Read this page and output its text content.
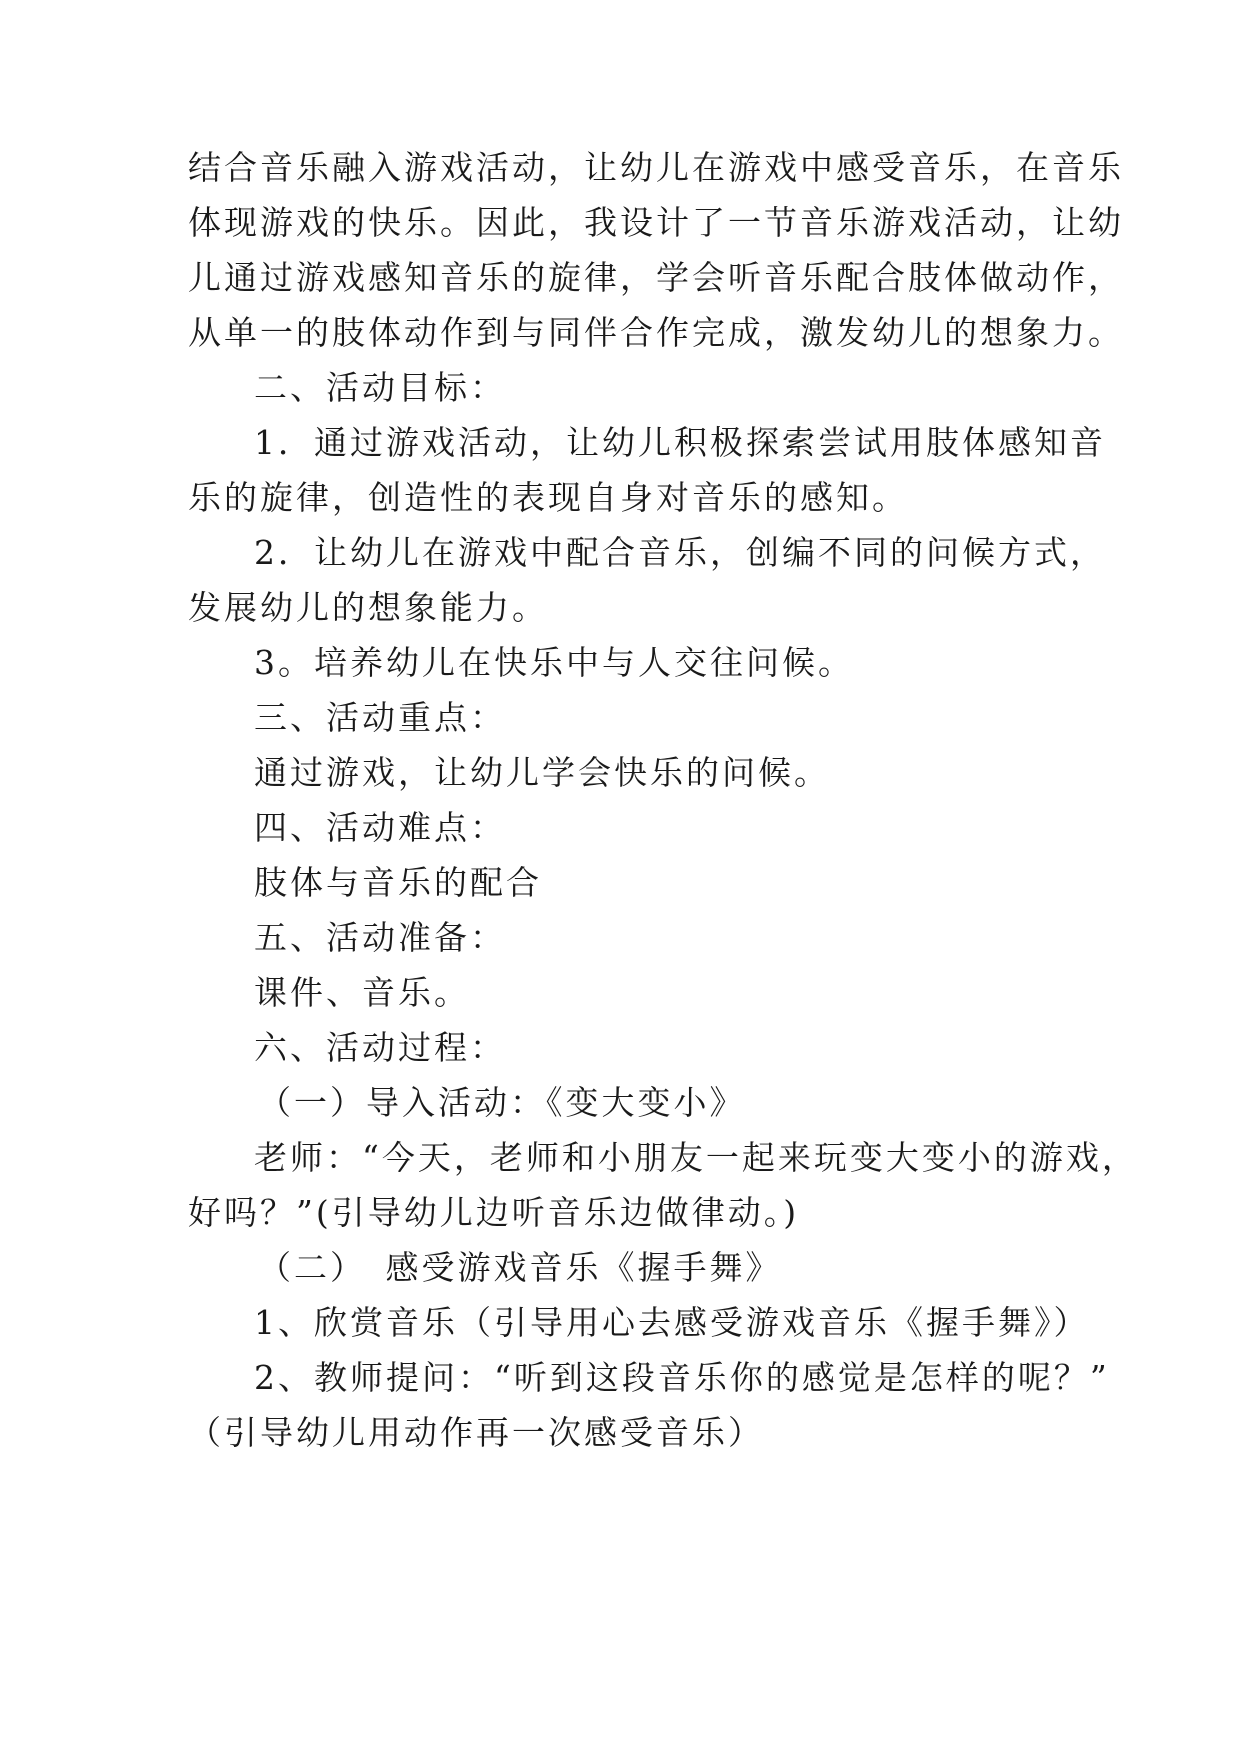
结合音乐融入游戏活动，让幼儿在游戏中感受音乐，在音乐
体现游戏的快乐。因此，我设计了一节音乐游戏活动，让幼
儿通过游戏感知音乐的旋律，学会听音乐配合肢体做动作，
从单一的肢体动作到与同伴合作完成，激发幼儿的想象力。
二、活动目标：
1．通过游戏活动，让幼儿积极探索尝试用肢体感知音
乐的旋律，创造性的表现自身对音乐的感知。
2．让幼儿在游戏中配合音乐，创编不同的问候方式，
发展幼儿的想象能力。
3。培养幼儿在快乐中与人交往问候。
三、活动重点：
通过游戏，让幼儿学会快乐的问候。
四、活动难点：
肢体与音乐的配合
五、活动准备：
课件、音乐。
六、活动过程：
（一）导入活动：《变大变小》
老师：“今天，老师和小朋友一起来玩变大变小的游戏，
好吗？”(引导幼儿边听音乐边做律动。)
（二）　感受游戏音乐《握手舞》
1、欣赏音乐（引导用心去感受游戏音乐《握手舞》）
2、教师提问：“听到这段音乐你的感觉是怎样的呢？”
（引导幼儿用动作再一次感受音乐）
